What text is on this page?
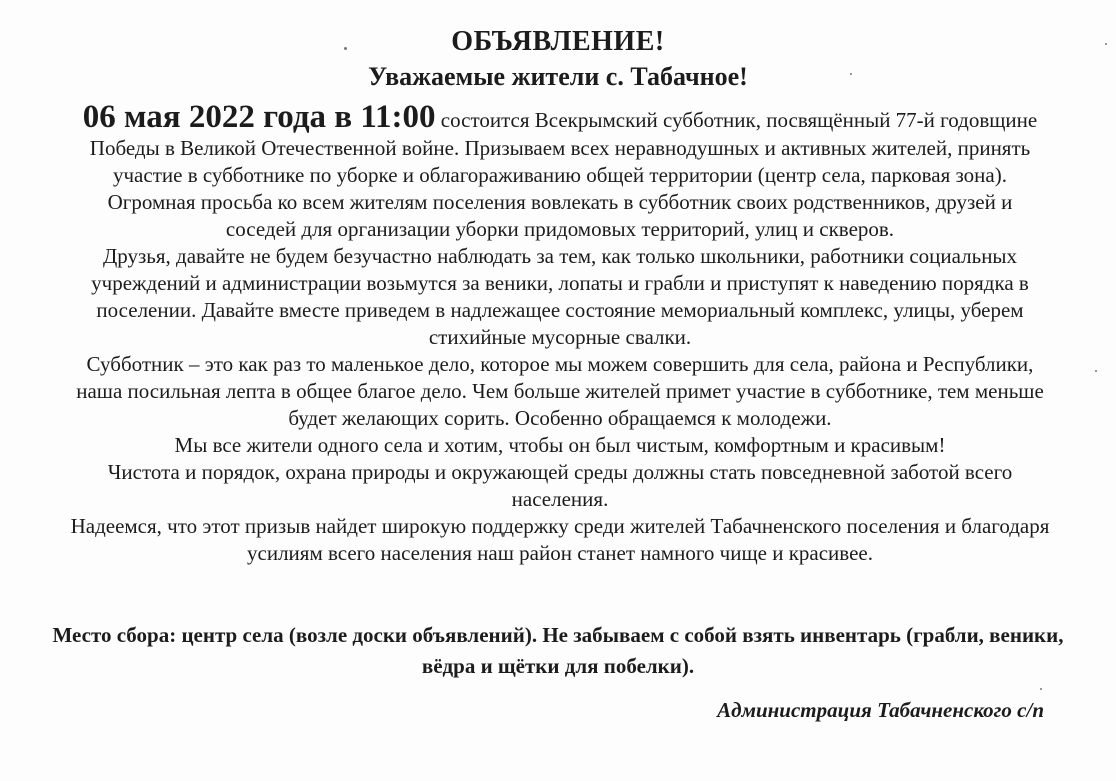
ОБЪЯВЛЕНИЕ!
Уважаемые жители с. Табачное!

06 мая 2022 года в 11:00 состоится Всекрымский субботник, посвящённый 77-й годовщине Победы в Великой Отечественной войне. Призываем всех неравнодушных и активных жителей, принять участие в субботнике по уборке и облагораживанию общей территории (центр села, парковая зона). Огромная просьба ко всем жителям поселения вовлекать в субботник своих родственников, друзей и соседей для организации уборки придомовых территорий, улиц и скверов.

Друзья, давайте не будем безучастно наблюдать за тем, как только школьники, работники социальных учреждений и администрации возьмутся за веники, лопаты и грабли и приступят к наведению порядка в поселении. Давайте вместе приведем в надлежащее состояние мемориальный комплекс, улицы, уберем стихийные мусорные свалки.

Субботник – это как раз то маленькое дело, которое мы можем совершить для села, района и Республики, наша посильная лепта в общее благое дело. Чем больше жителей примет участие в субботнике, тем меньше будет желающих сорить. Особенно обращаемся к молодежи.

Мы все жители одного села и хотим, чтобы он был чистым, комфортным и красивым!

Чистота и порядок, охрана природы и окружающей среды должны стать повседневной заботой всего населения.

Надеемся, что этот призыв найдет широкую поддержку среди жителей Табачненского поселения и благодаря усилиям всего населения наш район станет намного чище и красивее.

Место сбора: центр села (возле доски объявлений). Не забываем с собой взять инвентарь (грабли, веники, вёдра и щётки для побелки).

Администрация Табачненского с/п
